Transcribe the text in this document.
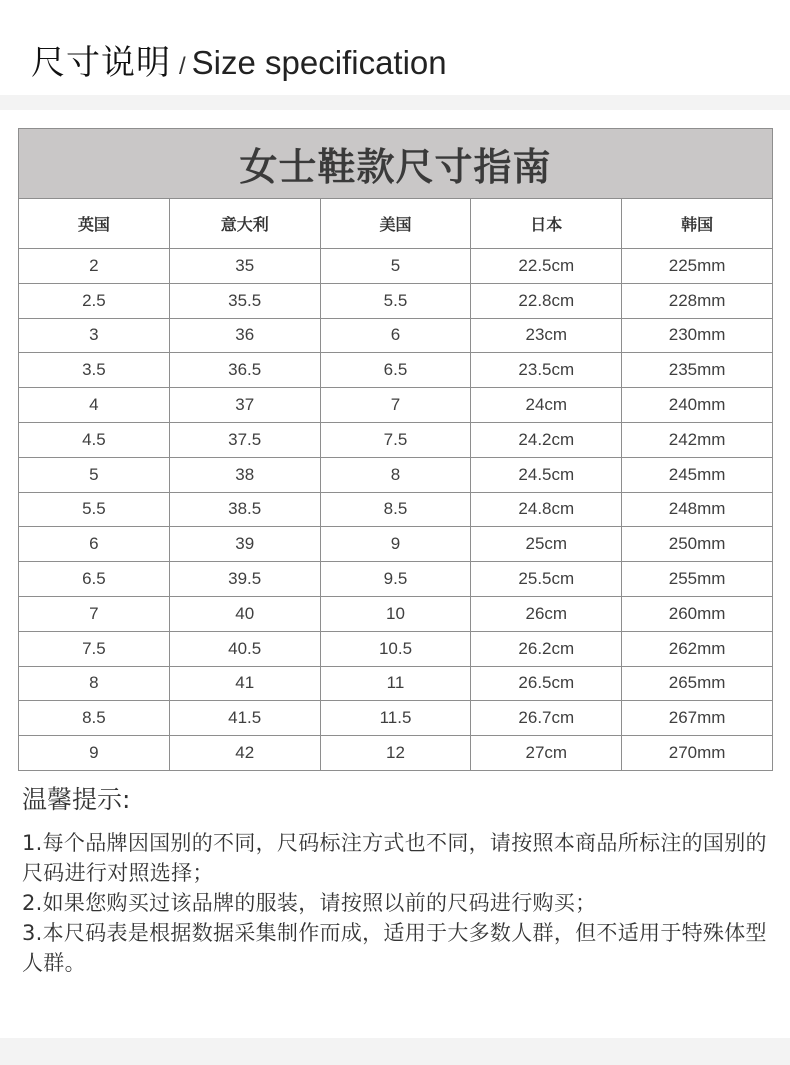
尺寸说明 / Size specification
女士鞋款尺寸指南				
英国	意大利	美国	日本	韩国
2	35	5	22.5cm	225mm
2.5	35.5	5.5	22.8cm	228mm
3	36	6	23cm	230mm
3.5	36.5	6.5	23.5cm	235mm
4	37	7	24cm	240mm
4.5	37.5	7.5	24.2cm	242mm
5	38	8	24.5cm	245mm
5.5	38.5	8.5	24.8cm	248mm
6	39	9	25cm	250mm
6.5	39.5	9.5	25.5cm	255mm
7	40	10	26cm	260mm
7.5	40.5	10.5	26.2cm	262mm
8	41	11	26.5cm	265mm
8.5	41.5	11.5	26.7cm	267mm
9	42	12	27cm	270mm
温馨提示:
1.每个品牌因国别的不同，尺码标注方式也不同，请按照本商品所标注的国别的
尺码进行对照选择；
2.如果您购买过该品牌的服装，请按照以前的尺码进行购买；
3.本尺码表是根据数据采集制作而成，适用于大多数人群，但不适用于特殊体型
人群。
